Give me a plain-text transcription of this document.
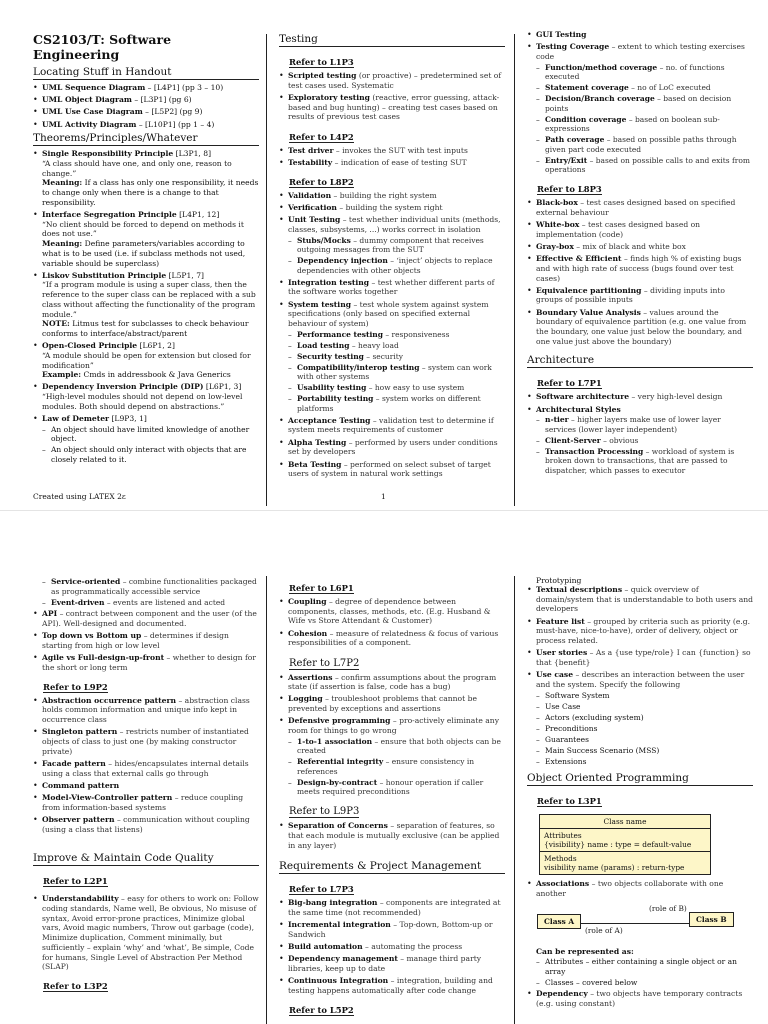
CS2103/T: Software Engineering
Locating Stuff in Handout
• UML Sequence Diagram – [L4P1] (pp 3 – 10)
• UML Object Diagram – [L3P1] (pg 6)
• UML Use Case Diagram – [L5P2] (pg 9)
• UML Activity Diagram – [L10P1] (pp 1 – 4)
Theorems/Principles/Whatever
• Single Responsibility Principle [L3P1, 8]
“A class should have one, and only one, reason to change.”
Meaning: If a class has only one responsibility, it needs to change only when there is a change to that responsibility.
• Interface Segregation Principle [L4P1, 12]
“No client should be forced to depend on methods it does not use.”
Meaning: Define parameters/variables according to what is to be used (i.e. if subclass methods not used, variable should be superclass)
• Liskov Substitution Principle [L5P1, 7]
“If a program module is using a super class, then the reference to the super class can be replaced with a sub class without affecting the functionality of the program module.”
NOTE: Litmus test for subclasses to check behaviour conforms to interface/abstract/parent
• Open-Closed Principle [L6P1, 2]
“A module should be open for extension but closed for modification”
Example: Cmds in addressbook & Java Generics
• Dependency Inversion Principle (DIP) [L6P1, 3]
“High-level modules should not depend on low-level modules. Both should depend on abstractions.”
• Law of Demeter [L9P3, 1]
– An object should have limited knowledge of another object.
– An object should only interact with objects that are closely related to it.
Testing
Refer to L1P3
• Scripted testing (or proactive) – predetermined set of test cases used. Systematic
• Exploratory testing (reactive, error guessing, attack-based and bug hunting) – creating test cases based on results of previous test cases
Refer to L4P2
• Test driver – invokes the SUT with test inputs
• Testability – indication of ease of testing SUT
Refer to L8P2
• Validation – building the right system
• Verification – building the system right
• Unit Testing – test whether individual units (methods, classes, subsystems, ...) works correct in isolation
– Stubs/Mocks – dummy component that receives outgoing messages from the SUT
– Dependency injection – ‘inject’ objects to replace dependencies with other objects
• Integration testing – test whether different parts of the software works together
• System testing – test whole system against system specifications (only based on specified external behaviour of system)
– Performance testing – responsiveness
– Load testing – heavy load
– Security testing – security
– Compatibility/interop testing – system can work with other systems
– Usability testing – how easy to use system
– Portability testing – system works on different platforms
• Acceptance Testing – validation test to determine if system meets requirements of customer
• Alpha Testing – performed by users under conditions set by developers
• Beta Testing – performed on select subset of target users of system in natural work settings
• GUI Testing
• Testing Coverage – extent to which testing exercises code
– Function/method coverage – no. of functions executed
– Statement coverage – no of LoC executed
– Decision/Branch coverage – based on decision points
– Condition coverage – based on boolean sub-expressions
– Path coverage – based on possible paths through given part code executed
– Entry/Exit – based on possible calls to and exits from operations
Refer to L8P3
• Black-box – test cases designed based on specified external behaviour
• White-box – test cases designed based on implementation (code)
• Gray-box – mix of black and white box
• Effective & Efficient – finds high % of existing bugs and with high rate of success (bugs found over test cases)
• Equivalence partitioning – dividing inputs into groups of possible inputs
• Boundary Value Analysis – values around the boundary of equivalence partition (e.g. one value from the boundary, one value just below the boundary, and one value just above the boundary)
Architecture
Refer to L7P1
• Software architecture – very high-level design
• Architectural Styles
– n-tier – higher layers make use of lower layer services (lower layer independent)
– Client-Server – obvious
– Transaction Processing – workload of system is broken down to transactions, that are passed to dispatcher, which passes to executor
Created using LATEX 2ε	1
– Service-oriented – combine functionalities packaged as programmatically accessible service
– Event-driven – events are listened and acted
• API – contract between component and the user (of the API). Well-designed and documented.
• Top down vs Bottom up – determines if design starting from high or low level
• Agile vs Full-design-up-front – whether to design for the short or long term
Refer to L9P2
• Abstraction occurrence pattern – abstraction class holds common information and unique info kept in occurrence class
• Singleton pattern – restricts number of instantiated objects of class to just one (by making constructor private)
• Facade pattern – hides/encapsulates internal details using a class that external calls go through
• Command pattern
• Model-View-Controller pattern – reduce coupling from information-based systems
• Observer pattern – communication without coupling (using a class that listens)
Improve & Maintain Code Quality
Refer to L2P1
• Understandability – easy for others to work on: Follow coding standards, Name well, Be obvious, No misuse of syntax, Avoid error-prone practices, Minimize global vars, Avoid magic numbers, Throw out garbage (code), Minimize duplication, Comment minimally, but sufficiently – explain ‘why’ and ‘what’, Be simple, Code for humans, Single Level of Abstraction Per Method (SLAP)
Refer to L3P2
Refer to L6P1
• Coupling – degree of dependence between components, classes, methods, etc. (E.g. Husband & Wife vs Store Attendant & Customer)
• Cohesion – measure of relatedness & focus of various responsibilities of a component.
Refer to L7P2
• Assertions – confirm assumptions about the program state (if assertion is false, code has a bug)
• Logging – troubleshoot problems that cannot be prevented by exceptions and assertions
• Defensive programming – pro-actively eliminate any room for things to go wrong
– 1-to-1 association – ensure that both objects can be created
– Referential integrity – ensure consistency in references
– Design-by-contract – honour operation if caller meets required preconditions
Refer to L9P3
• Separation of Concerns – separation of features, so that each module is mutually exclusive (can be applied in any layer)
Requirements & Project Management
Refer to L7P3
• Big-bang integration – components are integrated at the same time (not recommended)
• Incremental integration – Top-down, Bottom-up or Sandwich
• Build automation – automating the process
• Dependency management – manage third party libraries, keep up to date
• Continuous Integration – integration, building and testing happens automatically after code change
Refer to L5P2
Prototyping
• Textual descriptions – quick overview of domain/system that is understandable to both users and developers
• Feature list – grouped by criteria such as priority (e.g. must-have, nice-to-have), order of delivery, object or process related.
• User stories – As a {use type/role} I can {function} so that {benefit}
• Use case – describes an interaction between the user and the system. Specify the following
– Software System
– Use Case
– Actors (excluding system)
– Preconditions
– Guarantees
– Main Success Scenario (MSS)
– Extensions
Object Oriented Programming
Refer to L3P1
Class name
Attributes
{visibility} name : type = default-value
Methods
visibility name (params) : return-type
• Associations – two objects collaborate with one another
Class A	Class B
(role of A)
(role of B)
Can be represented as:
– Attributes – either containing a single object or an array
– Classes – covered below
• Dependency – two objects have temporary contracts (e.g. using constant)
